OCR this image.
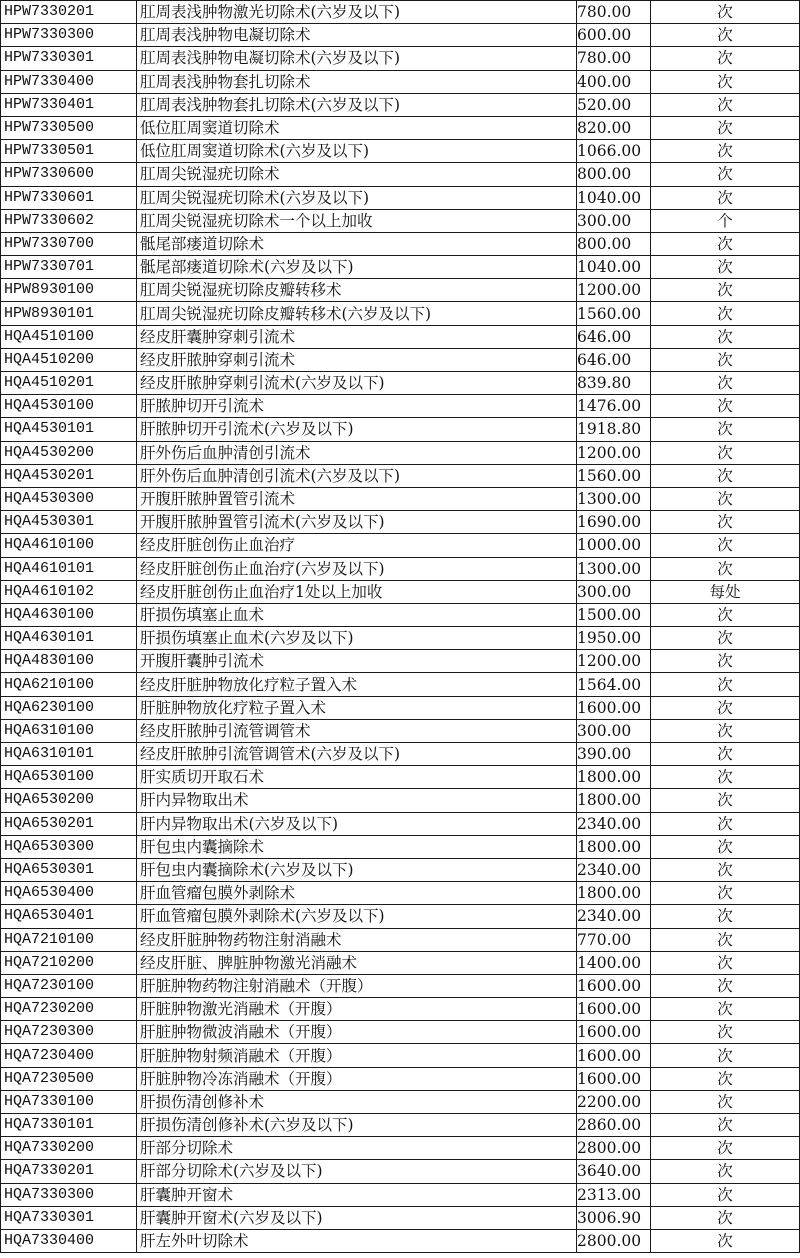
HPW7330201	肛周表浅肿物激光切除术(六岁及以下)	780.00	次
HPW7330300	肛周表浅肿物电凝切除术	600.00	次
HPW7330301	肛周表浅肿物电凝切除术(六岁及以下)	780.00	次
HPW7330400	肛周表浅肿物套扎切除术	400.00	次
HPW7330401	肛周表浅肿物套扎切除术(六岁及以下)	520.00	次
HPW7330500	低位肛周窦道切除术	820.00	次
HPW7330501	低位肛周窦道切除术(六岁及以下)	1066.00	次
HPW7330600	肛周尖锐湿疣切除术	800.00	次
HPW7330601	肛周尖锐湿疣切除术(六岁及以下)	1040.00	次
HPW7330602	肛周尖锐湿疣切除术一个以上加收	300.00	个
HPW7330700	骶尾部瘘道切除术	800.00	次
HPW7330701	骶尾部瘘道切除术(六岁及以下)	1040.00	次
HPW8930100	肛周尖锐湿疣切除皮瓣转移术	1200.00	次
HPW8930101	肛周尖锐湿疣切除皮瓣转移术(六岁及以下)	1560.00	次
HQA4510100	经皮肝囊肿穿刺引流术	646.00	次
HQA4510200	经皮肝脓肿穿刺引流术	646.00	次
HQA4510201	经皮肝脓肿穿刺引流术(六岁及以下)	839.80	次
HQA4530100	肝脓肿切开引流术	1476.00	次
HQA4530101	肝脓肿切开引流术(六岁及以下)	1918.80	次
HQA4530200	肝外伤后血肿清创引流术	1200.00	次
HQA4530201	肝外伤后血肿清创引流术(六岁及以下)	1560.00	次
HQA4530300	开腹肝脓肿置管引流术	1300.00	次
HQA4530301	开腹肝脓肿置管引流术(六岁及以下)	1690.00	次
HQA4610100	经皮肝脏创伤止血治疗	1000.00	次
HQA4610101	经皮肝脏创伤止血治疗(六岁及以下)	1300.00	次
HQA4610102	经皮肝脏创伤止血治疗1处以上加收	300.00	每处
HQA4630100	肝损伤填塞止血术	1500.00	次
HQA4630101	肝损伤填塞止血术(六岁及以下)	1950.00	次
HQA4830100	开腹肝囊肿引流术	1200.00	次
HQA6210100	经皮肝脏肿物放化疗粒子置入术	1564.00	次
HQA6230100	肝脏肿物放化疗粒子置入术	1600.00	次
HQA6310100	经皮肝脓肿引流管调管术	300.00	次
HQA6310101	经皮肝脓肿引流管调管术(六岁及以下)	390.00	次
HQA6530100	肝实质切开取石术	1800.00	次
HQA6530200	肝内异物取出术	1800.00	次
HQA6530201	肝内异物取出术(六岁及以下)	2340.00	次
HQA6530300	肝包虫内囊摘除术	1800.00	次
HQA6530301	肝包虫内囊摘除术(六岁及以下)	2340.00	次
HQA6530400	肝血管瘤包膜外剥除术	1800.00	次
HQA6530401	肝血管瘤包膜外剥除术(六岁及以下)	2340.00	次
HQA7210100	经皮肝脏肿物药物注射消融术	770.00	次
HQA7210200	经皮肝脏、脾脏肿物激光消融术	1400.00	次
HQA7230100	肝脏肿物药物注射消融术（开腹）	1600.00	次
HQA7230200	肝脏肿物激光消融术（开腹）	1600.00	次
HQA7230300	肝脏肿物微波消融术（开腹）	1600.00	次
HQA7230400	肝脏肿物射频消融术（开腹）	1600.00	次
HQA7230500	肝脏肿物冷冻消融术（开腹）	1600.00	次
HQA7330100	肝损伤清创修补术	2200.00	次
HQA7330101	肝损伤清创修补术(六岁及以下)	2860.00	次
HQA7330200	肝部分切除术	2800.00	次
HQA7330201	肝部分切除术(六岁及以下)	3640.00	次
HQA7330300	肝囊肿开窗术	2313.00	次
HQA7330301	肝囊肿开窗术(六岁及以下)	3006.90	次
HQA7330400	肝左外叶切除术	2800.00	次
